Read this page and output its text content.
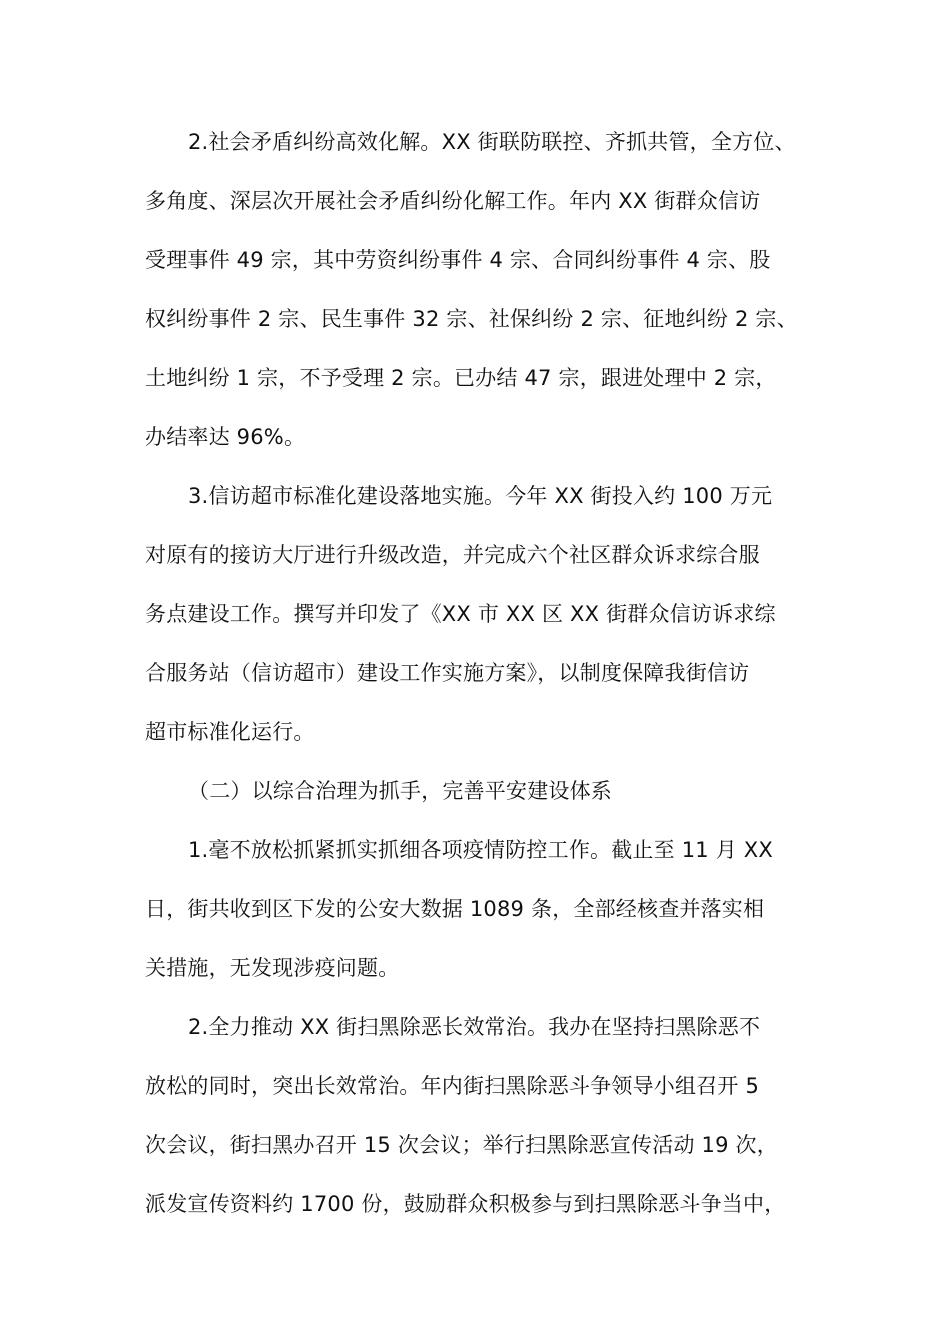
2.社会矛盾纠纷高效化解。XX 街联防联控、齐抓共管，全方位、
多角度、深层次开展社会矛盾纠纷化解工作。年内 XX 街群众信访
受理事件 49 宗，其中劳资纠纷事件 4 宗、合同纠纷事件 4 宗、股
权纠纷事件 2 宗、民生事件 32 宗、社保纠纷 2 宗、征地纠纷 2 宗、
土地纠纷 1 宗，不予受理 2 宗。已办结 47 宗，跟进处理中 2 宗，
办结率达 96%。
3.信访超市标准化建设落地实施。今年 XX 街投入约 100 万元
对原有的接访大厅进行升级改造，并完成六个社区群众诉求综合服
务点建设工作。撰写并印发了《XX 市 XX 区 XX 街群众信访诉求综
合服务站（信访超市）建设工作实施方案》，以制度保障我街信访
超市标准化运行。
（二）以综合治理为抓手，完善平安建设体系
1.毫不放松抓紧抓实抓细各项疫情防控工作。截止至 11 月 XX
日，街共收到区下发的公安大数据 1089 条，全部经核查并落实相
关措施，无发现涉疫问题。
2.全力推动 XX 街扫黑除恶长效常治。我办在坚持扫黑除恶不
放松的同时，突出长效常治。年内街扫黑除恶斗争领导小组召开 5
次会议，街扫黑办召开 15 次会议；举行扫黑除恶宣传活动 19 次，
派发宣传资料约 1700 份，鼓励群众积极参与到扫黑除恶斗争当中，
